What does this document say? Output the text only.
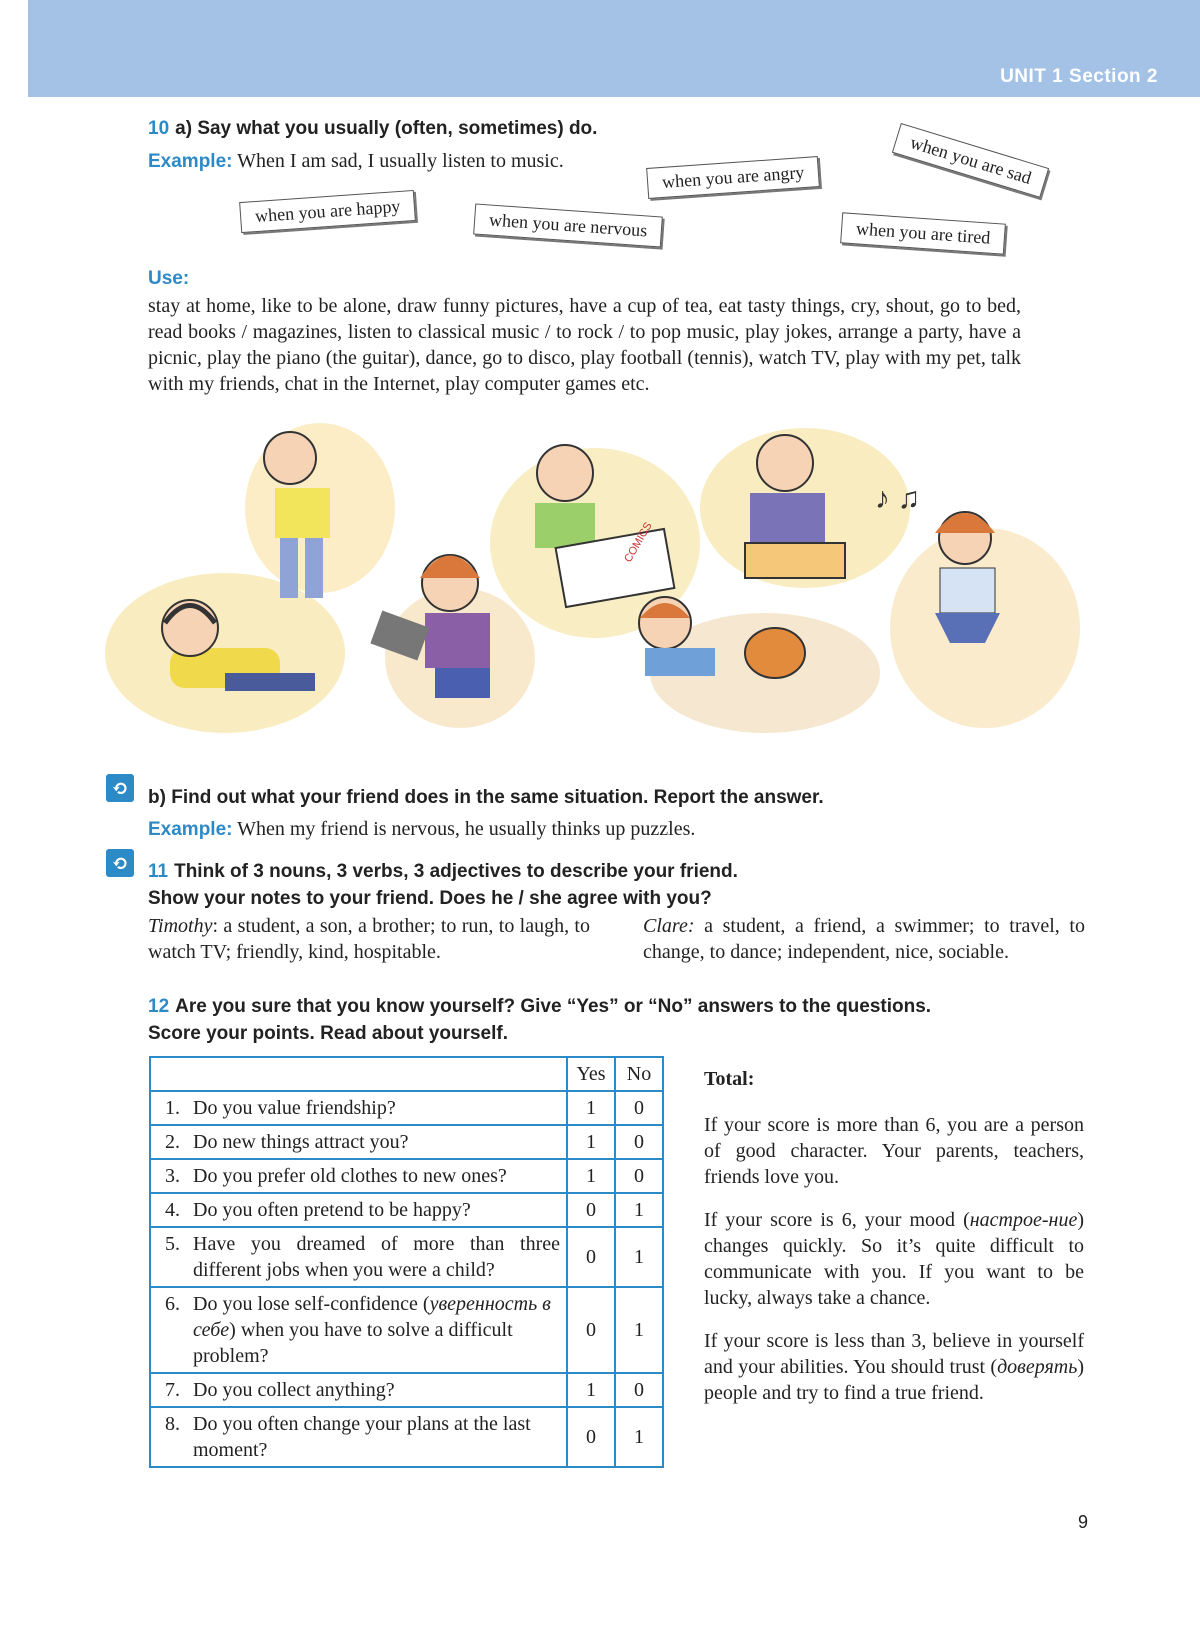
UNIT 1 Section 2
10 a) Say what you usually (often, sometimes) do.
Example: When I am sad, I usually listen to music.
when you are happy	when you are nervous
when you are angry
when you are tired
when you are sad
Use:
stay at home, like to be alone, draw funny pictures, have a cup of tea, eat tasty things, cry, shout, go to bed, read books / magazines, listen to classical music / to rock / to pop music, play jokes, arrange a party, have a picnic, play the piano (the guitar), dance, go to disco, play football (tennis), watch TV, play with my pet, talk with my friends, chat in the Internet, play computer games etc.
COMICS
♪ ♫
⟲ b) Find out what your friend does in the same situation. Report the answer.
Example: When my friend is nervous, he usually thinks up puzzles.
⟲ 11 Think of 3 nouns, 3 verbs, 3 adjectives to describe your friend.
Show your notes to your friend. Does he / she agree with you?
Timothy: a student, a son, a brother; to run, to laugh, to watch TV; friendly, kind, hospitable.
Clare: a student, a friend, a swimmer; to travel, to change, to dance; independent, nice, sociable.
12 Are you sure that you know yourself? Give “Yes” or “No” answers to the questions.
Score your points. Read about yourself.
	Yes	No

1. Do you value friendship?	1	0

2. Do new things attract you?	1	0

3. Do you prefer old clothes to new ones?	1	0

4. Do you often pretend to be happy?	0	1

5. Have you dreamed of more than three different jobs when you were a child?	0	1

6. Do you lose self-confidence (уверенность в себе) when you have to solve a difficult problem?	0	1

7. Do you collect anything?	1	0

8. Do you often change your plans at the last moment?	0	1

Total:

If your score is more than 6, you are a person of good character. Your parents, teachers, friends love you.

If your score is 6, your mood (настрое-ние) changes quickly. So it’s quite difficult to communicate with you. If you want to be lucky, always take a chance.

If your score is less than 3, believe in yourself and your abilities. You should trust (доверять) people and try to find a true friend.

9
